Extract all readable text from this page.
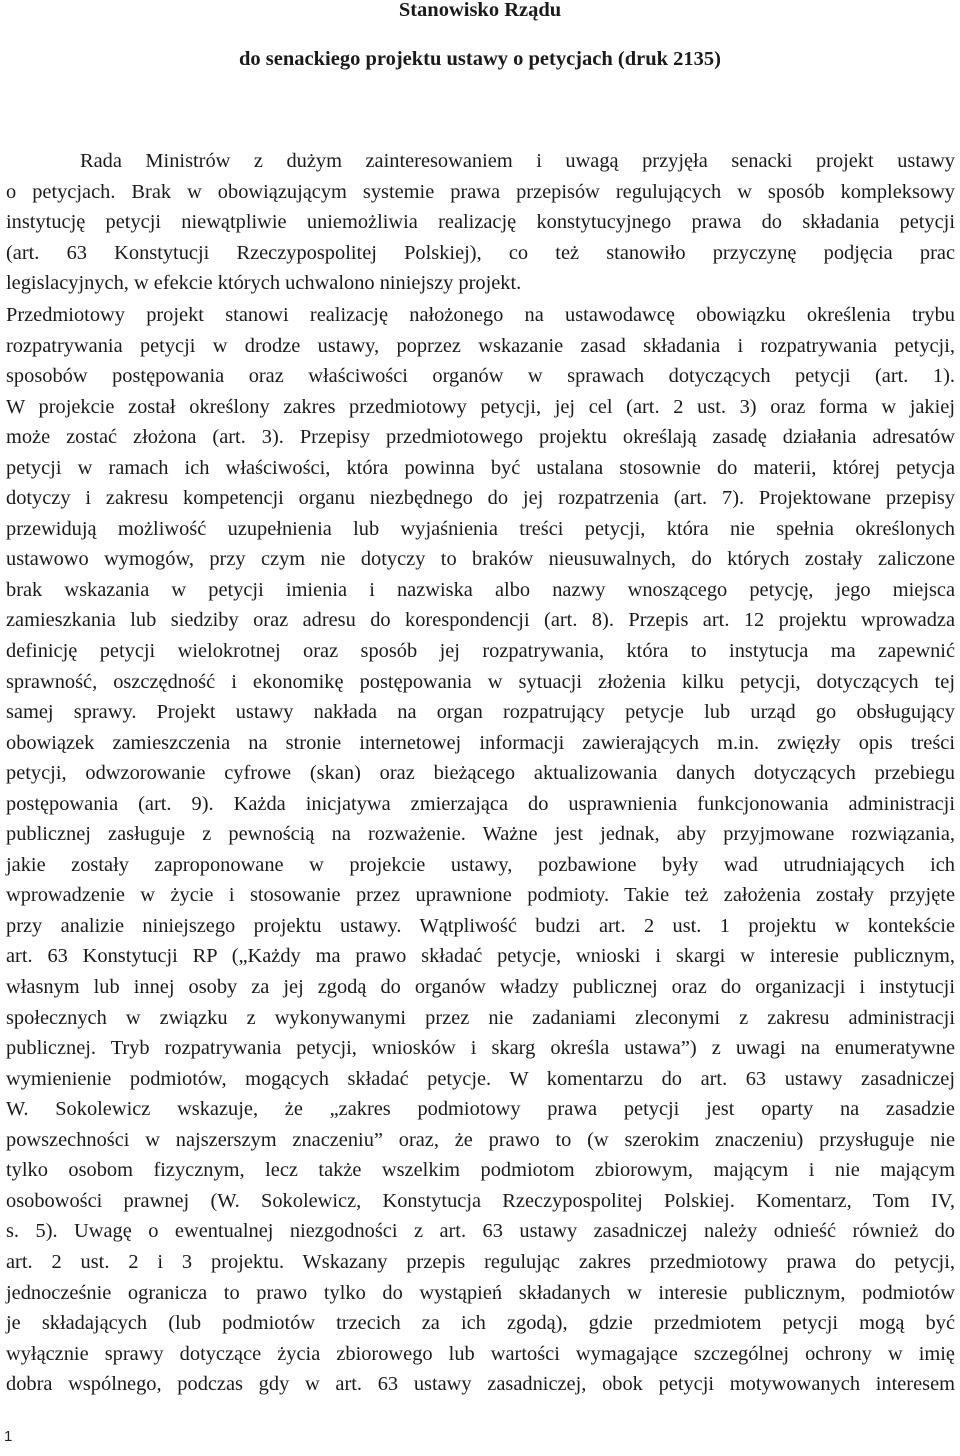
Stanowisko Rządu
do senackiego projektu ustawy o petycjach (druk 2135)
Rada Ministrów z dużym zainteresowaniem i uwagą przyjęła senacki projekt ustawy
o petycjach. Brak w obowiązującym systemie prawa przepisów regulujących w sposób kompleksowy
instytucję petycji niewątpliwie uniemożliwia realizację konstytucyjnego prawa do składania petycji
(art. 63 Konstytucji Rzeczypospolitej Polskiej), co też stanowiło przyczynę podjęcia prac
legislacyjnych, w efekcie których uchwalono niniejszy projekt.
Przedmiotowy projekt stanowi realizację nałożonego na ustawodawcę obowiązku określenia trybu
rozpatrywania petycji w drodze ustawy, poprzez wskazanie zasad składania i rozpatrywania petycji,
sposobów postępowania oraz właściwości organów w sprawach dotyczących petycji (art. 1).
W projekcie został określony zakres przedmiotowy petycji, jej cel (art. 2 ust. 3) oraz forma w jakiej
może zostać złożona (art. 3). Przepisy przedmiotowego projektu określają zasadę działania adresatów
petycji w ramach ich właściwości, która powinna być ustalana stosownie do materii, której petycja
dotyczy i zakresu kompetencji organu niezbędnego do jej rozpatrzenia (art. 7). Projektowane przepisy
przewidują możliwość uzupełnienia lub wyjaśnienia treści petycji, która nie spełnia określonych
ustawowo wymogów, przy czym nie dotyczy to braków nieusuwalnych, do których zostały zaliczone
brak wskazania w petycji imienia i nazwiska albo nazwy wnoszącego petycję, jego miejsca
zamieszkania lub siedziby oraz adresu do korespondencji (art. 8). Przepis art. 12 projektu wprowadza
definicję petycji wielokrotnej oraz sposób jej rozpatrywania, która to instytucja ma zapewnić
sprawność, oszczędność i ekonomikę postępowania w sytuacji złożenia kilku petycji, dotyczących tej
samej sprawy. Projekt ustawy nakłada na organ rozpatrujący petycje lub urząd go obsługujący
obowiązek zamieszczenia na stronie internetowej informacji zawierających m.in. zwięzły opis treści
petycji, odwzorowanie cyfrowe (skan) oraz bieżącego aktualizowania danych dotyczących przebiegu
postępowania (art. 9). Każda inicjatywa zmierzająca do usprawnienia funkcjonowania administracji
publicznej zasługuje z pewnością na rozważenie. Ważne jest jednak, aby przyjmowane rozwiązania,
jakie zostały zaproponowane w projekcie ustawy, pozbawione były wad utrudniających ich
wprowadzenie w życie i stosowanie przez uprawnione podmioty. Takie też założenia zostały przyjęte
przy analizie niniejszego projektu ustawy. Wątpliwość budzi art. 2 ust. 1 projektu w kontekście
art. 63 Konstytucji RP („Każdy ma prawo składać petycje, wnioski i skargi w interesie publicznym,
własnym lub innej osoby za jej zgodą do organów władzy publicznej oraz do organizacji i instytucji
społecznych w związku z wykonywanymi przez nie zadaniami zleconymi z zakresu administracji
publicznej. Tryb rozpatrywania petycji, wniosków i skarg określa ustawa”) z uwagi na enumeratywne
wymienienie podmiotów, mogących składać petycje. W komentarzu do art. 63 ustawy zasadniczej
W. Sokolewicz wskazuje, że „zakres podmiotowy prawa petycji jest oparty na zasadzie
powszechności w najszerszym znaczeniu” oraz, że prawo to (w szerokim znaczeniu) przysługuje nie
tylko osobom fizycznym, lecz także wszelkim podmiotom zbiorowym, mającym i nie mającym
osobowości prawnej (W. Sokolewicz, Konstytucja Rzeczypospolitej Polskiej. Komentarz, Tom IV,
s. 5). Uwagę o ewentualnej niezgodności z art. 63 ustawy zasadniczej należy odnieść również do
art. 2 ust. 2 i 3 projektu. Wskazany przepis regulując zakres przedmiotowy prawa do petycji,
jednocześnie ogranicza to prawo tylko do wystąpień składanych w interesie publicznym, podmiotów
je składających (lub podmiotów trzecich za ich zgodą), gdzie przedmiotem petycji mogą być
wyłącznie sprawy dotyczące życia zbiorowego lub wartości wymagające szczególnej ochrony w imię
dobra wspólnego, podczas gdy w art. 63 ustawy zasadniczej, obok petycji motywowanych interesem
1
